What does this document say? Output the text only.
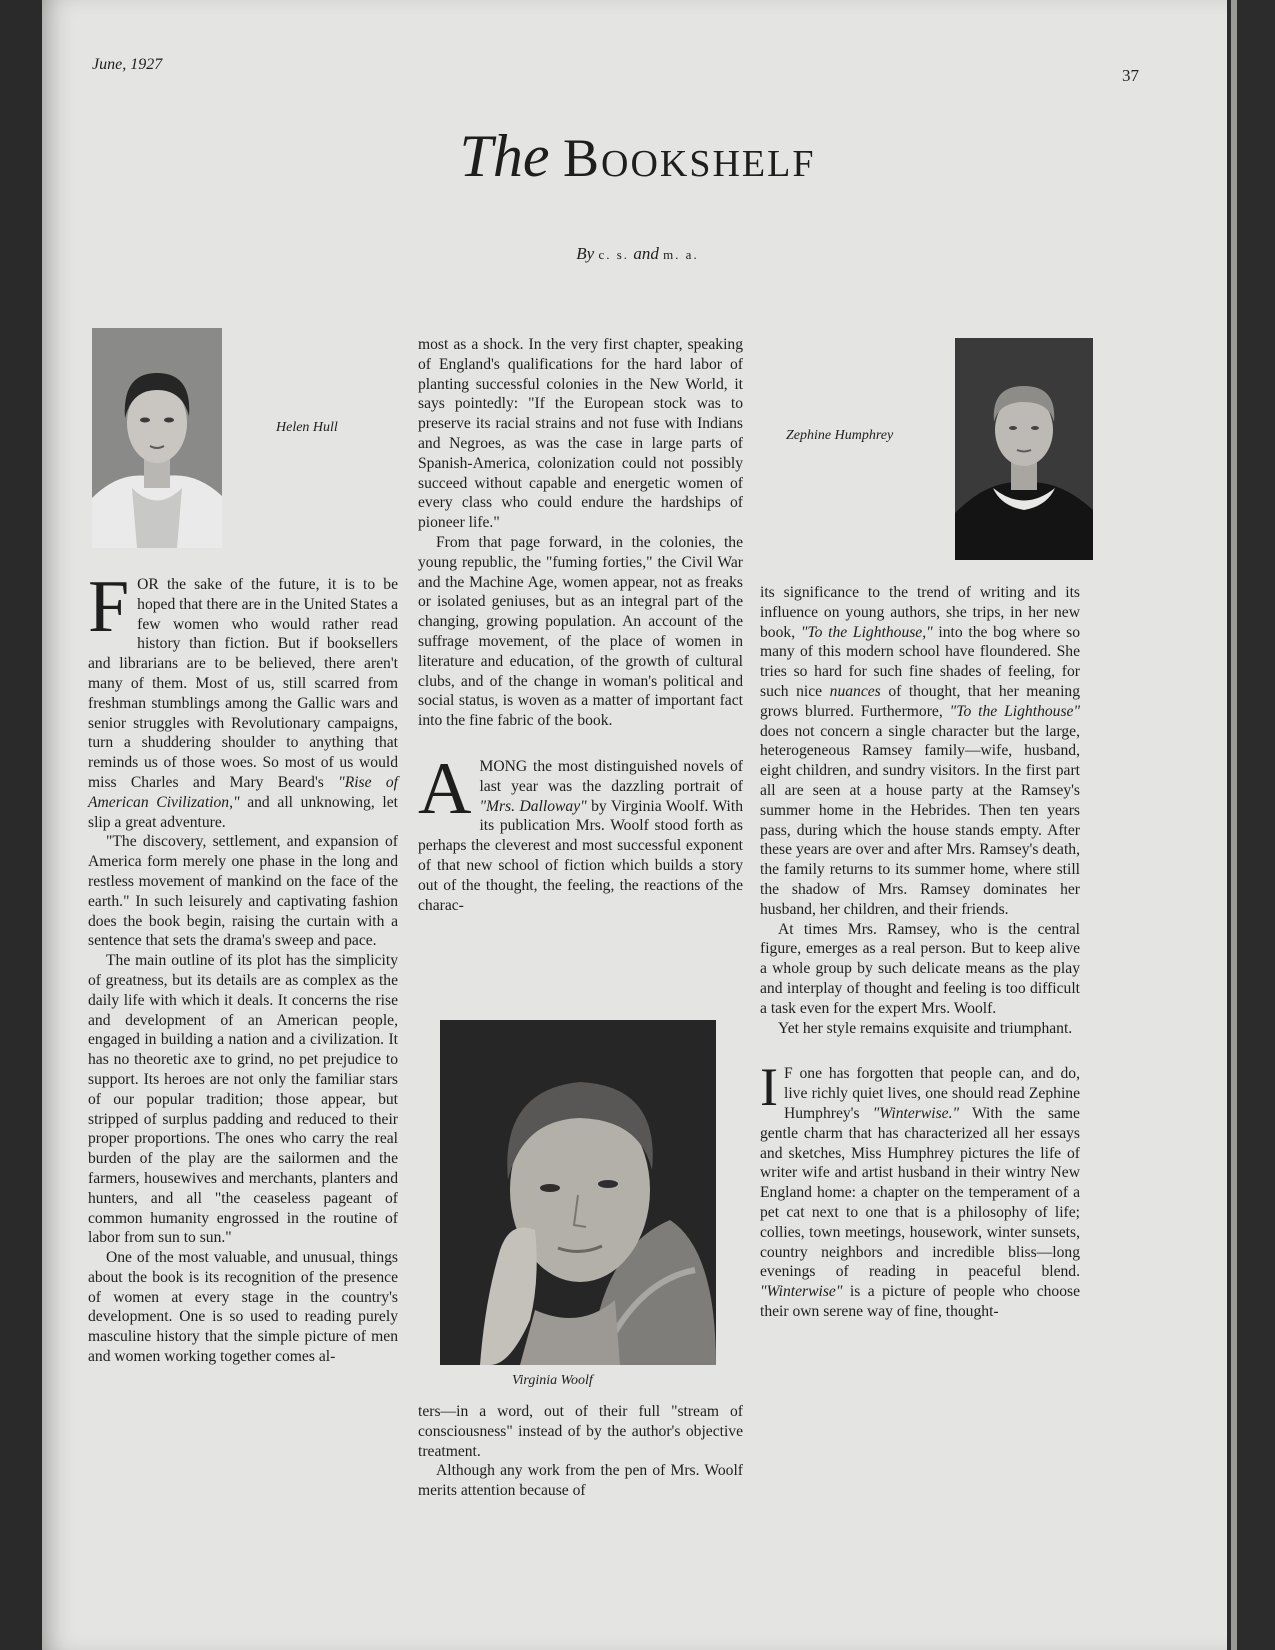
June, 1927
37
The Bookshelf
By c. s. and m. a.
Helen Hull
Zephine Humphrey
Virginia Woolf

FOR the sake of the future, it is to be hoped that there are in the United States a few women who would rather read history than fiction. But if booksellers and librarians are to be believed, there aren't many of them. Most of us, still scarred from freshman stumblings among the Gallic wars and senior struggles with Revolutionary campaigns, turn a shuddering shoulder to anything that reminds us of those woes. So most of us would miss Charles and Mary Beard's "Rise of American Civilization," and all unknowing, let slip a great adventure.

"The discovery, settlement, and expansion of America form merely one phase in the long and restless movement of mankind on the face of the earth." In such leisurely and captivating fashion does the book begin, raising the curtain with a sentence that sets the drama's sweep and pace.

The main outline of its plot has the simplicity of greatness, but its details are as complex as the daily life with which it deals. It concerns the rise and development of an American people, engaged in building a nation and a civilization. It has no theoretic axe to grind, no pet prejudice to support. Its heroes are not only the familiar stars of our popular tradition; those appear, but stripped of surplus padding and reduced to their proper proportions. The ones who carry the real burden of the play are the sailormen and the farmers, housewives and merchants, planters and hunters, and all "the ceaseless pageant of common humanity engrossed in the routine of labor from sun to sun."

One of the most valuable, and unusual, things about the book is its recognition of the presence of women at every stage in the country's development. One is so used to reading purely masculine history that the simple picture of men and women working together comes al-

most as a shock. In the very first chapter, speaking of England's qualifications for the hard labor of planting successful colonies in the New World, it says pointedly: "If the European stock was to preserve its racial strains and not fuse with Indians and Negroes, as was the case in large parts of Spanish-America, colonization could not possibly succeed without capable and energetic women of every class who could endure the hardships of pioneer life."

From that page forward, in the colonies, the young republic, the "fuming forties," the Civil War and the Machine Age, women appear, not as freaks or isolated geniuses, but as an integral part of the changing, growing population. An account of the suffrage movement, of the place of women in literature and education, of the growth of cultural clubs, and of the change in woman's political and social status, is woven as a matter of important fact into the fine fabric of the book.

AMONG the most distinguished novels of last year was the dazzling portrait of "Mrs. Dalloway" by Virginia Woolf. With its publication Mrs. Woolf stood forth as perhaps the cleverest and most successful exponent of that new school of fiction which builds a story out of the thought, the feeling, the reactions of the charac-

ters—in a word, out of their full "stream of consciousness" instead of by the author's objective treatment.

Although any work from the pen of Mrs. Woolf merits attention because of

its significance to the trend of writing and its influence on young authors, she trips, in her new book, "To the Lighthouse," into the bog where so many of this modern school have floundered. She tries so hard for such fine shades of feeling, for such nice nuances of thought, that her meaning grows blurred. Furthermore, "To the Lighthouse" does not concern a single character but the large, heterogeneous Ramsey family—wife, husband, eight children, and sundry visitors. In the first part all are seen at a house party at the Ramsey's summer home in the Hebrides. Then ten years pass, during which the house stands empty. After these years are over and after Mrs. Ramsey's death, the family returns to its summer home, where still the shadow of Mrs. Ramsey dominates her husband, her children, and their friends.

At times Mrs. Ramsey, who is the central figure, emerges as a real person. But to keep alive a whole group by such delicate means as the play and interplay of thought and feeling is too difficult a task even for the expert Mrs. Woolf.

Yet her style remains exquisite and triumphant.

I F one has forgotten that people can, and do, live richly quiet lives, one should read Zephine Humphrey's "Winterwise." With the same gentle charm that has characterized all her essays and sketches, Miss Humphrey pictures the life of writer wife and artist husband in their wintry New England home: a chapter on the temperament of a pet cat next to one that is a philosophy of life; collies, town meetings, housework, winter sunsets, country neighbors and incredible bliss—long evenings of reading in peaceful blend. "Winterwise" is a picture of people who choose their own serene way of fine, thought-
